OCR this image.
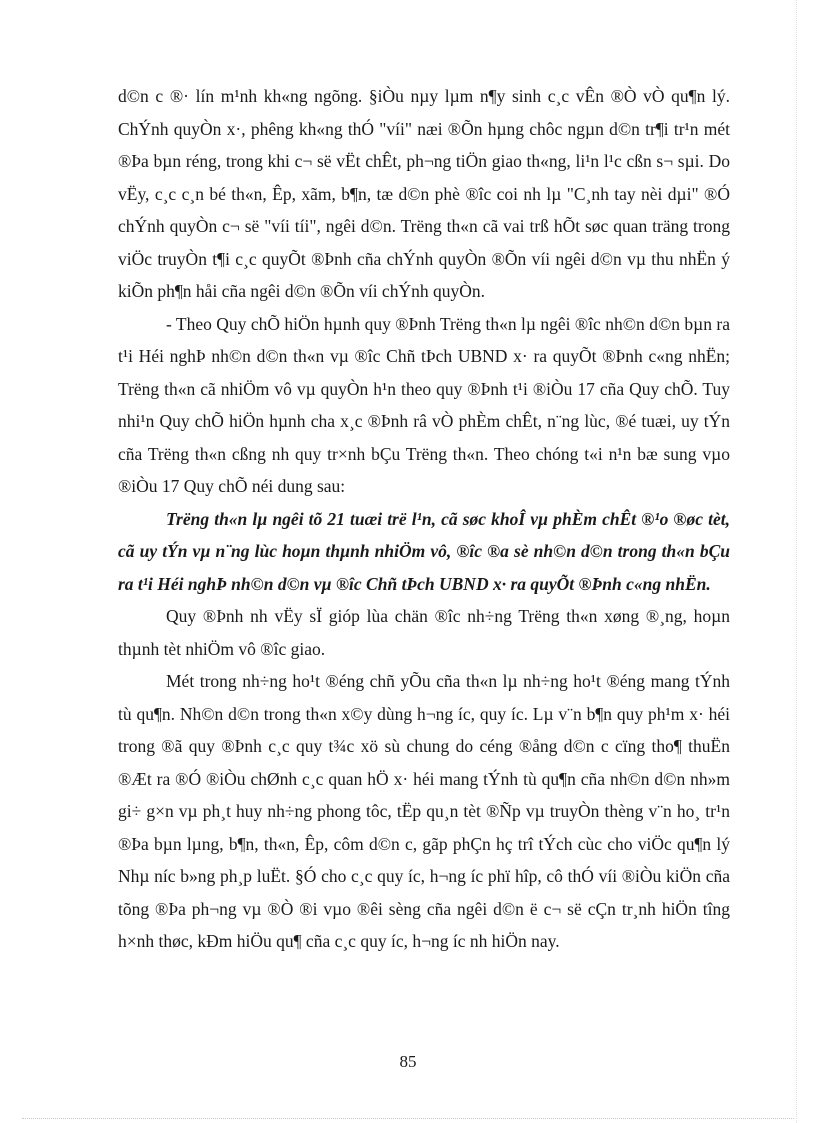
d©n c ®· lín m¹nh kh«ng ngõng. §iÒu nµy lµm n¶y sinh c¸c vÊn ®Ò vÒ qu¶n lý. ChÝnh quyÒn x·, phêng kh«ng thÓ "víi" næi ®Õn hµng chôc ngµn d©n tr¶i tr¹n mét ®Þa bµn réng, trong khi c¬ së vËt chÊt, ph¬ng tiÖn giao th«ng, li¹n l¹c cßn s¬ sµi. Do vËy, c¸c c¸n bé th«n, Êp, xãm, b¶n, tæ d©n phè ®îc coi nh lµ "C¸nh tay nèi dµi" ®Ó chÝnh quyÒn c¬ së "víi tíi", ngêi d©n. Trëng th«n cã vai trß hÕt søc quan träng trong viÖc truyÒn t¶i c¸c quyÕt ®Þnh cña chÝnh quyÒn ®Õn víi ngêi d©n vµ thu nhËn ý kiÕn ph¶n håi cña ngêi d©n ®Õn víi chÝnh quyÒn.

- Theo Quy chÕ hiÖn hµnh quy ®Þnh Trëng th«n lµ ngêi ®îc nh©n d©n bµn ra t¹i Héi nghÞ nh©n d©n th«n vµ ®îc Chñ tÞch UBND x· ra quyÕt ®Þnh c«ng nhËn; Trëng th«n cã nhiÖm vô vµ quyÒn h¹n theo quy ®Þnh t¹i ®iÒu 17 cña Quy chÕ. Tuy nhi¹n Quy chÕ hiÖn hµnh cha x¸c ®Þnh râ vÒ phÈm chÊt, n¨ng lùc, ®é tuæi, uy tÝn cña Trëng th«n cßng nh quy tr×nh bÇu Trëng th«n. Theo chóng t«i n¹n bæ sung vµo ®iÒu 17 Quy chÕ néi dung sau:

Trëng th«n lµ ngêi tõ 21 tuæi trë l¹n, cã søc khoÎ vµ phÈm chÊt ®¹o ®øc tèt, cã uy tÝn vµ n¨ng lùc hoµn thµnh nhiÖm vô, ®îc ®a sè nh©n d©n trong th«n bÇu ra t¹i Héi nghÞ nh©n d©n vµ ®îc Chñ tÞch UBND x· ra quyÕt ®Þnh c«ng nhËn.

Quy ®Þnh nh vËy sÏ gióp lùa chän ®îc nh÷ng Trëng th«n xøng ®¸ng, hoµn thµnh tèt nhiÖm vô ®îc giao.

Mét trong nh÷ng ho¹t ®éng chñ yÕu cña th«n lµ nh÷ng ho¹t ®éng mang tÝnh tù qu¶n. Nh©n d©n trong th«n x©y dùng h¬ng íc, quy íc. Lµ v¨n b¶n quy ph¹m x· héi trong ®ã quy ®Þnh c¸c quy t¾c xö sù chung do céng ®ång d©n c cïng tho¶ thuËn ®Æt ra ®Ó ®iÒu chØnh c¸c quan hÖ x· héi mang tÝnh tù qu¶n cña nh©n d©n nh»m gi÷ g×n vµ ph¸t huy nh÷ng phong tôc, tËp qu¸n tèt ®Ñp vµ truyÒn thèng v¨n ho¸ tr¹n ®Þa bµn lµng, b¶n, th«n, Êp, côm d©n c, gãp phÇn hç trî tÝch cùc cho viÖc qu¶n lý Nhµ níc b»ng ph¸p luËt. §Ó cho c¸c quy íc, h¬ng íc phï hîp, cô thÓ víi ®iÒu kiÖn cña tõng ®Þa ph¬ng vµ ®Ò ®i vµo ®êi sèng cña ngêi d©n ë c¬ së cÇn tr¸nh hiÖn tîng h×nh thøc, kÐm hiÖu qu¶ cña c¸c quy íc, h¬ng íc nh hiÖn nay.

85
